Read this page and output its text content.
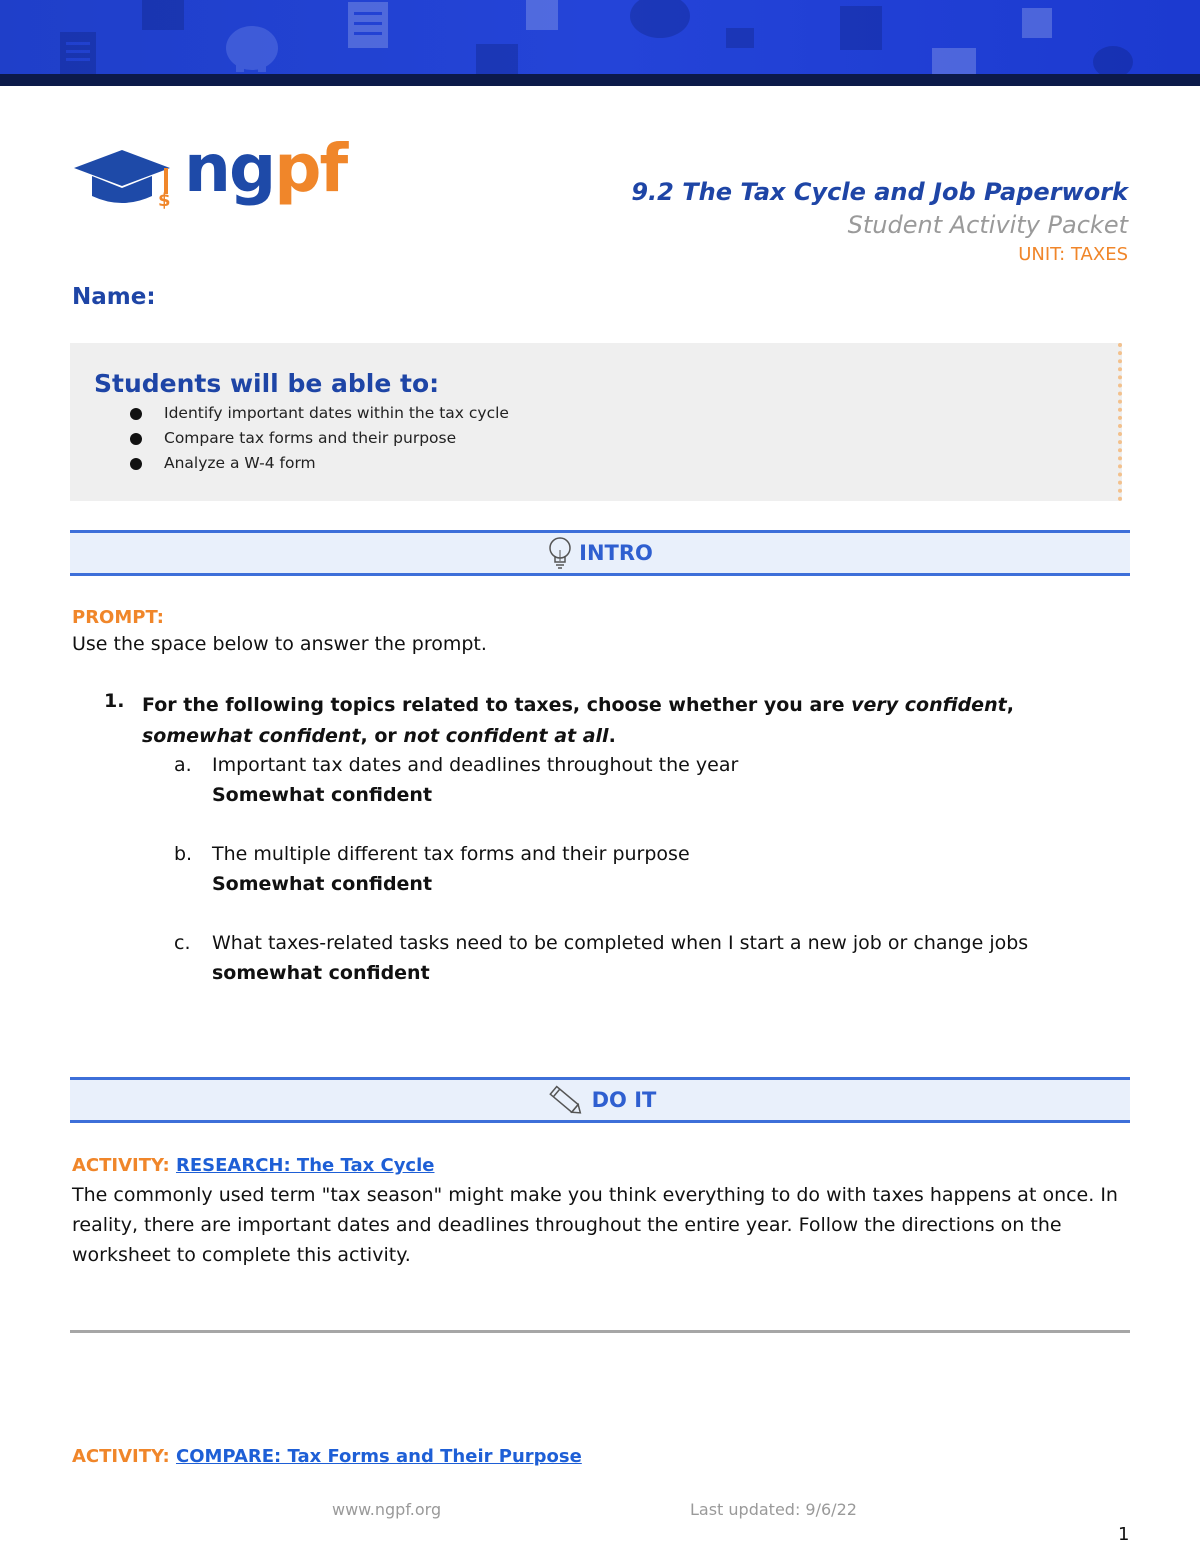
$ ngpf	9.2 The Tax Cycle and Job Paperwork
Student Activity Packet
UNIT: TAXES
Name:
Students will be able to:
Identify important dates within the tax cycle
Compare tax forms and their purpose
Analyze a W-4 form
INTRO
PROMPT:
Use the space below to answer the prompt.
1. For the following topics related to taxes, choose whether you are very confident, somewhat confident, or not confident at all.
a. Important tax dates and deadlines throughout the year
Somewhat confident
b. The multiple different tax forms and their purpose
Somewhat confident
c. What taxes-related tasks need to be completed when I start a new job or change jobs somewhat confident
DO IT
ACTIVITY: RESEARCH: The Tax Cycle
The commonly used term "tax season" might make you think everything to do with taxes happens at once. In reality, there are important dates and deadlines throughout the entire year. Follow the directions on the worksheet to complete this activity.
ACTIVITY: COMPARE: Tax Forms and Their Purpose
www.ngpf.org	Last updated: 9/6/22
1
